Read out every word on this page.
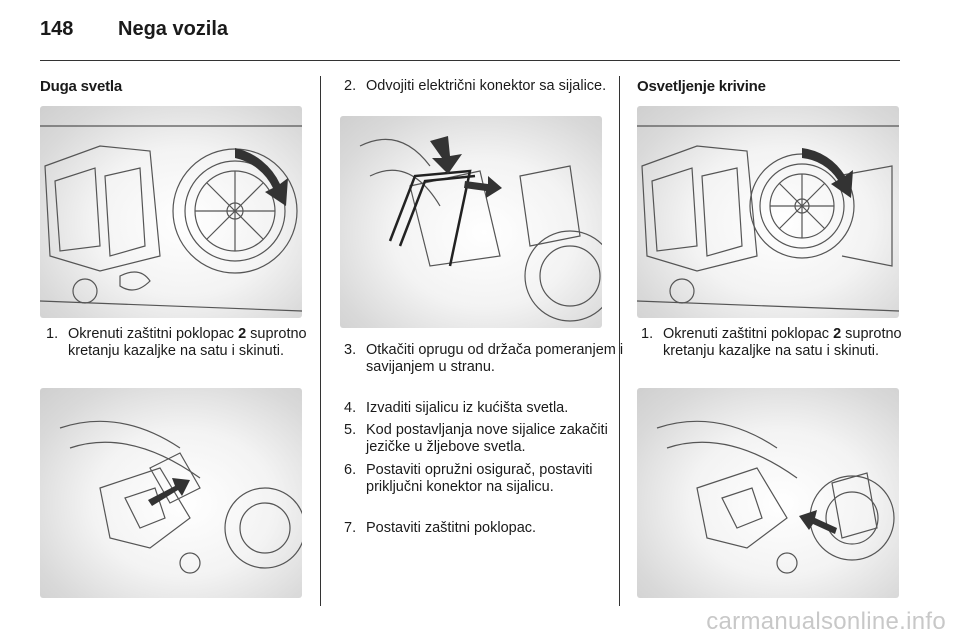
148 Nega vozila
Duga svetla
1. Okrenuti zaštitni poklopac 2 suprotno kretanju kazaljke na satu i skinuti.
2. Odvojiti električni konektor sa sijalice.
3. Otkačiti oprugu od držača pomeranjem i savijanjem u stranu.
4. Izvaditi sijalicu iz kućišta svetla.
5. Kod postavljanja nove sijalice zakačiti jezičke u žljebove svetla.
6. Postaviti opružni osigurač, postaviti priključni konektor na sijalicu.
7. Postaviti zaštitni poklopac.
Osvetljenje krivine
1. Okrenuti zaštitni poklopac 2 suprotno kretanju kazaljke na satu i skinuti.
carmanualsonline.info
